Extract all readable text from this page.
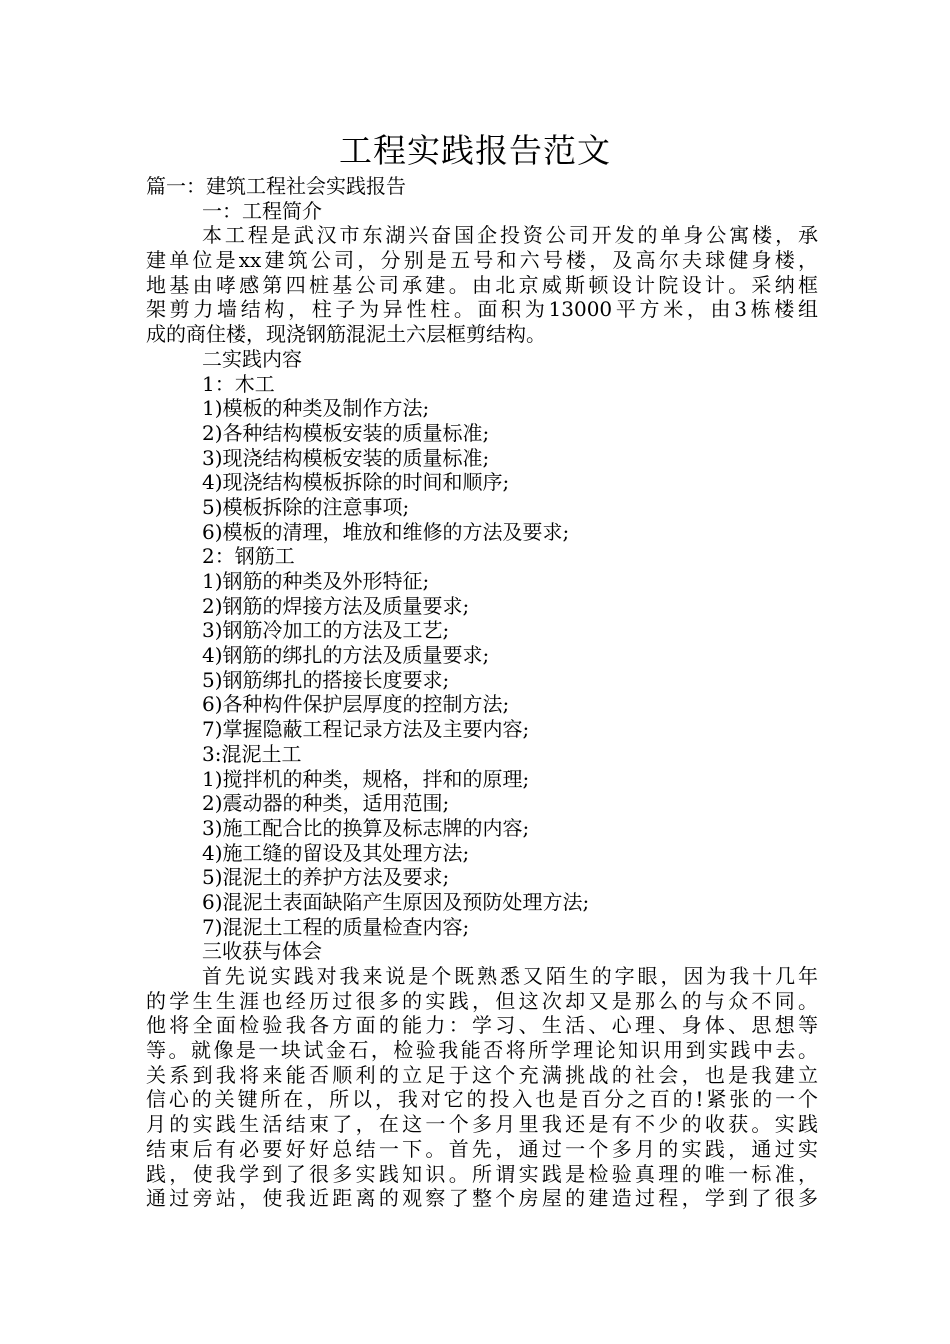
工程实践报告范文
篇一：建筑工程社会实践报告
一：工程简介
本工程是武汉市东湖兴奋国企投资公司开发的单身公寓楼，承
建单位是xx建筑公司，分别是五号和六号楼，及高尔夫球健身楼，
地基由哮感第四桩基公司承建。由北京威斯顿设计院设计。采纳框
架剪力墙结构，柱子为异性柱。面积为13000平方米，由3栋楼组
成的商住楼，现浇钢筋混泥土六层框剪结构。
二实践内容
1：木工
1)模板的种类及制作方法;
2)各种结构模板安装的质量标准;
3)现浇结构模板安装的质量标准;
4)现浇结构模板拆除的时间和顺序;
5)模板拆除的注意事项;
6)模板的清理，堆放和维修的方法及要求;
2：钢筋工
1)钢筋的种类及外形特征;
2)钢筋的焊接方法及质量要求;
3)钢筋冷加工的方法及工艺;
4)钢筋的绑扎的方法及质量要求;
5)钢筋绑扎的搭接长度要求;
6)各种构件保护层厚度的控制方法;
7)掌握隐蔽工程记录方法及主要内容;
3:混泥土工
1)搅拌机的种类，规格，拌和的原理;
2)震动器的种类，适用范围;
3)施工配合比的换算及标志牌的内容;
4)施工缝的留设及其处理方法;
5)混泥土的养护方法及要求;
6)混泥土表面缺陷产生原因及预防处理方法;
7)混泥土工程的质量检查内容;
三收获与体会
首先说实践对我来说是个既熟悉又陌生的字眼，因为我十几年
的学生生涯也经历过很多的实践，但这次却又是那么的与众不同。
他将全面检验我各方面的能力：学习、生活、心理、身体、思想等
等。就像是一块试金石，检验我能否将所学理论知识用到实践中去。
关系到我将来能否顺利的立足于这个充满挑战的社会，也是我建立
信心的关键所在，所以，我对它的投入也是百分之百的!紧张的一个
月的实践生活结束了，在这一个多月里我还是有不少的收获。实践
结束后有必要好好总结一下。首先，通过一个多月的实践，通过实
践，使我学到了很多实践知识。所谓实践是检验真理的唯一标准，
通过旁站，使我近距离的观察了整个房屋的建造过程，学到了很多
